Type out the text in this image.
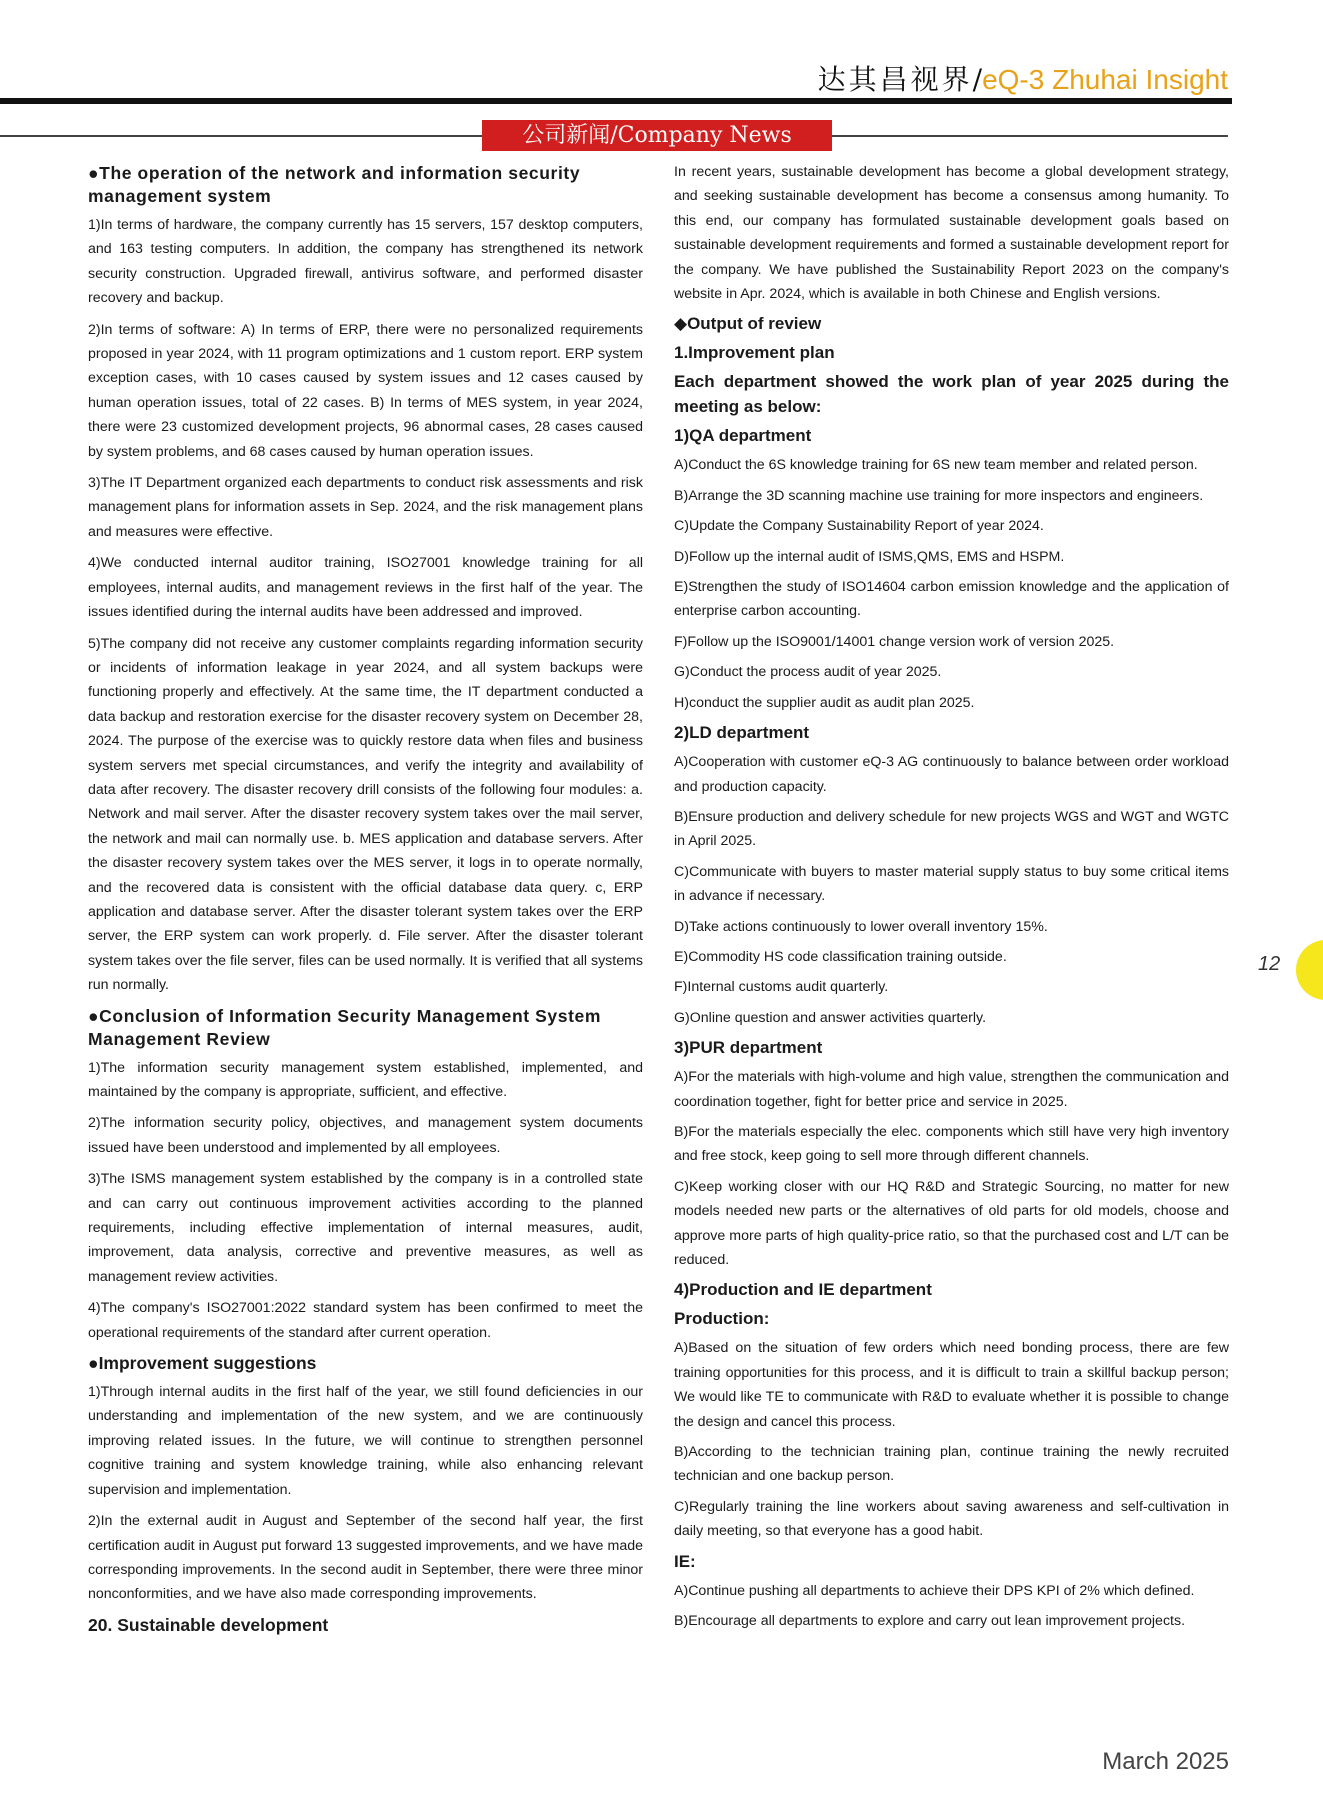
达其昌视界/eQ-3 Zhuhai Insight
公司新闻/Company News
●The operation of the network and information security management system

1)In terms of hardware, the company currently has 15 servers, 157 desktop computers, and 163 testing computers. In addition, the company has strengthened its network security construction. Upgraded firewall, antivirus software, and performed disaster recovery and backup.

2)In terms of software: A) In terms of ERP, there were no personalized requirements proposed in year 2024, with 11 program optimizations and 1 custom report. ERP system exception cases, with 10 cases caused by system issues and 12 cases caused by human operation issues, total of 22 cases. B) In terms of MES system, in year 2024, there were 23 customized development projects, 96 abnormal cases, 28 cases caused by system problems, and 68 cases caused by human operation issues.

3)The IT Department organized each departments to conduct risk assessments and risk management plans for information assets in Sep. 2024, and the risk management plans and measures were effective.

4)We conducted internal auditor training, ISO27001 knowledge training for all employees, internal audits, and management reviews in the first half of the year. The issues identified during the internal audits have been addressed and improved.

5)The company did not receive any customer complaints regarding information security or incidents of information leakage in year 2024, and all system backups were functioning properly and effectively. At the same time, the IT department conducted a data backup and restoration exercise for the disaster recovery system on December 28, 2024. The purpose of the exercise was to quickly restore data when files and business system servers met special circumstances, and verify the integrity and availability of data after recovery. The disaster recovery drill consists of the following four modules: a. Network and mail server. After the disaster recovery system takes over the mail server, the network and mail can normally use. b. MES application and database servers. After the disaster recovery system takes over the MES server, it logs in to operate normally, and the recovered data is consistent with the official database data query. c, ERP application and database server. After the disaster tolerant system takes over the ERP server, the ERP system can work properly. d. File server. After the disaster tolerant system takes over the file server, files can be used normally. It is verified that all systems run normally.

●Conclusion of Information Security Management System Management Review

1)The information security management system established, implemented, and maintained by the company is appropriate, sufficient, and effective.

2)The information security policy, objectives, and management system documents issued have been understood and implemented by all employees.

3)The ISMS management system established by the company is in a controlled state and can carry out continuous improvement activities according to the planned requirements, including effective implementation of internal measures, audit, improvement, data analysis, corrective and preventive measures, as well as management review activities.

4)The company's ISO27001:2022 standard system has been confirmed to meet the operational requirements of the standard after current operation.

●Improvement suggestions

1)Through internal audits in the first half of the year, we still found deficiencies in our understanding and implementation of the new system, and we are continuously improving related issues. In the future, we will continue to strengthen personnel cognitive training and system knowledge training, while also enhancing relevant supervision and implementation.

2)In the external audit in August and September of the second half year, the first certification audit in August put forward 13 suggested improvements, and we have made corresponding improvements. In the second audit in September, there were three minor nonconformities, and we have also made corresponding improvements.

20. Sustainable development

In recent years, sustainable development has become a global development strategy, and seeking sustainable development has become a consensus among humanity. To this end, our company has formulated sustainable development goals based on sustainable development requirements and formed a sustainable development report for the company. We have published the Sustainability Report 2023 on the company's website in Apr. 2024, which is available in both Chinese and English versions.

◆Output of review
1.Improvement plan

Each department showed the work plan of year 2025 during the meeting as below:

1)QA department

A)Conduct the 6S knowledge training for 6S new team member and related person.

B)Arrange the 3D scanning machine use training for more inspectors and engineers.

C)Update the Company Sustainability Report of year 2024.

D)Follow up the internal audit of ISMS,QMS, EMS and HSPM.

E)Strengthen the study of ISO14604 carbon emission knowledge and the application of enterprise carbon accounting.

F)Follow up the ISO9001/14001 change version work of version 2025.

G)Conduct the process audit of year 2025.

H)conduct the supplier audit as audit plan 2025.

2)LD department

A)Cooperation with customer eQ-3 AG continuously to balance between order workload and production capacity.

B)Ensure production and delivery schedule for new projects WGS and WGT and WGTC in April 2025.

C)Communicate with buyers to master material supply status to buy some critical items in advance if necessary.

D)Take actions continuously to lower overall inventory 15%.

E)Commodity HS code classification training outside.

F)Internal customs audit quarterly.

G)Online question and answer activities quarterly.

3)PUR department

A)For the materials with high-volume and high value, strengthen the communication and coordination together, fight for better price and service in 2025.

B)For the materials especially the elec. components which still have very high inventory and free stock, keep going to sell more through different channels.

C)Keep working closer with our HQ R&D and Strategic Sourcing, no matter for new models needed new parts or the alternatives of old parts for old models, choose and approve more parts of high quality-price ratio, so that the purchased cost and L/T can be reduced.

4)Production and IE department
Production:

A)Based on the situation of few orders which need bonding process, there are few training opportunities for this process, and it is difficult to train a skillful backup person; We would like TE to communicate with R&D to evaluate whether it is possible to change the design and cancel this process.

B)According to the technician training plan, continue training the newly recruited technician and one backup person.

C)Regularly training the line workers about saving awareness and self-cultivation in daily meeting, so that everyone has a good habit.

IE:

A)Continue pushing all departments to achieve their DPS KPI of 2% which defined.

B)Encourage all departments to explore and carry out lean improvement projects.

12
March 2025
